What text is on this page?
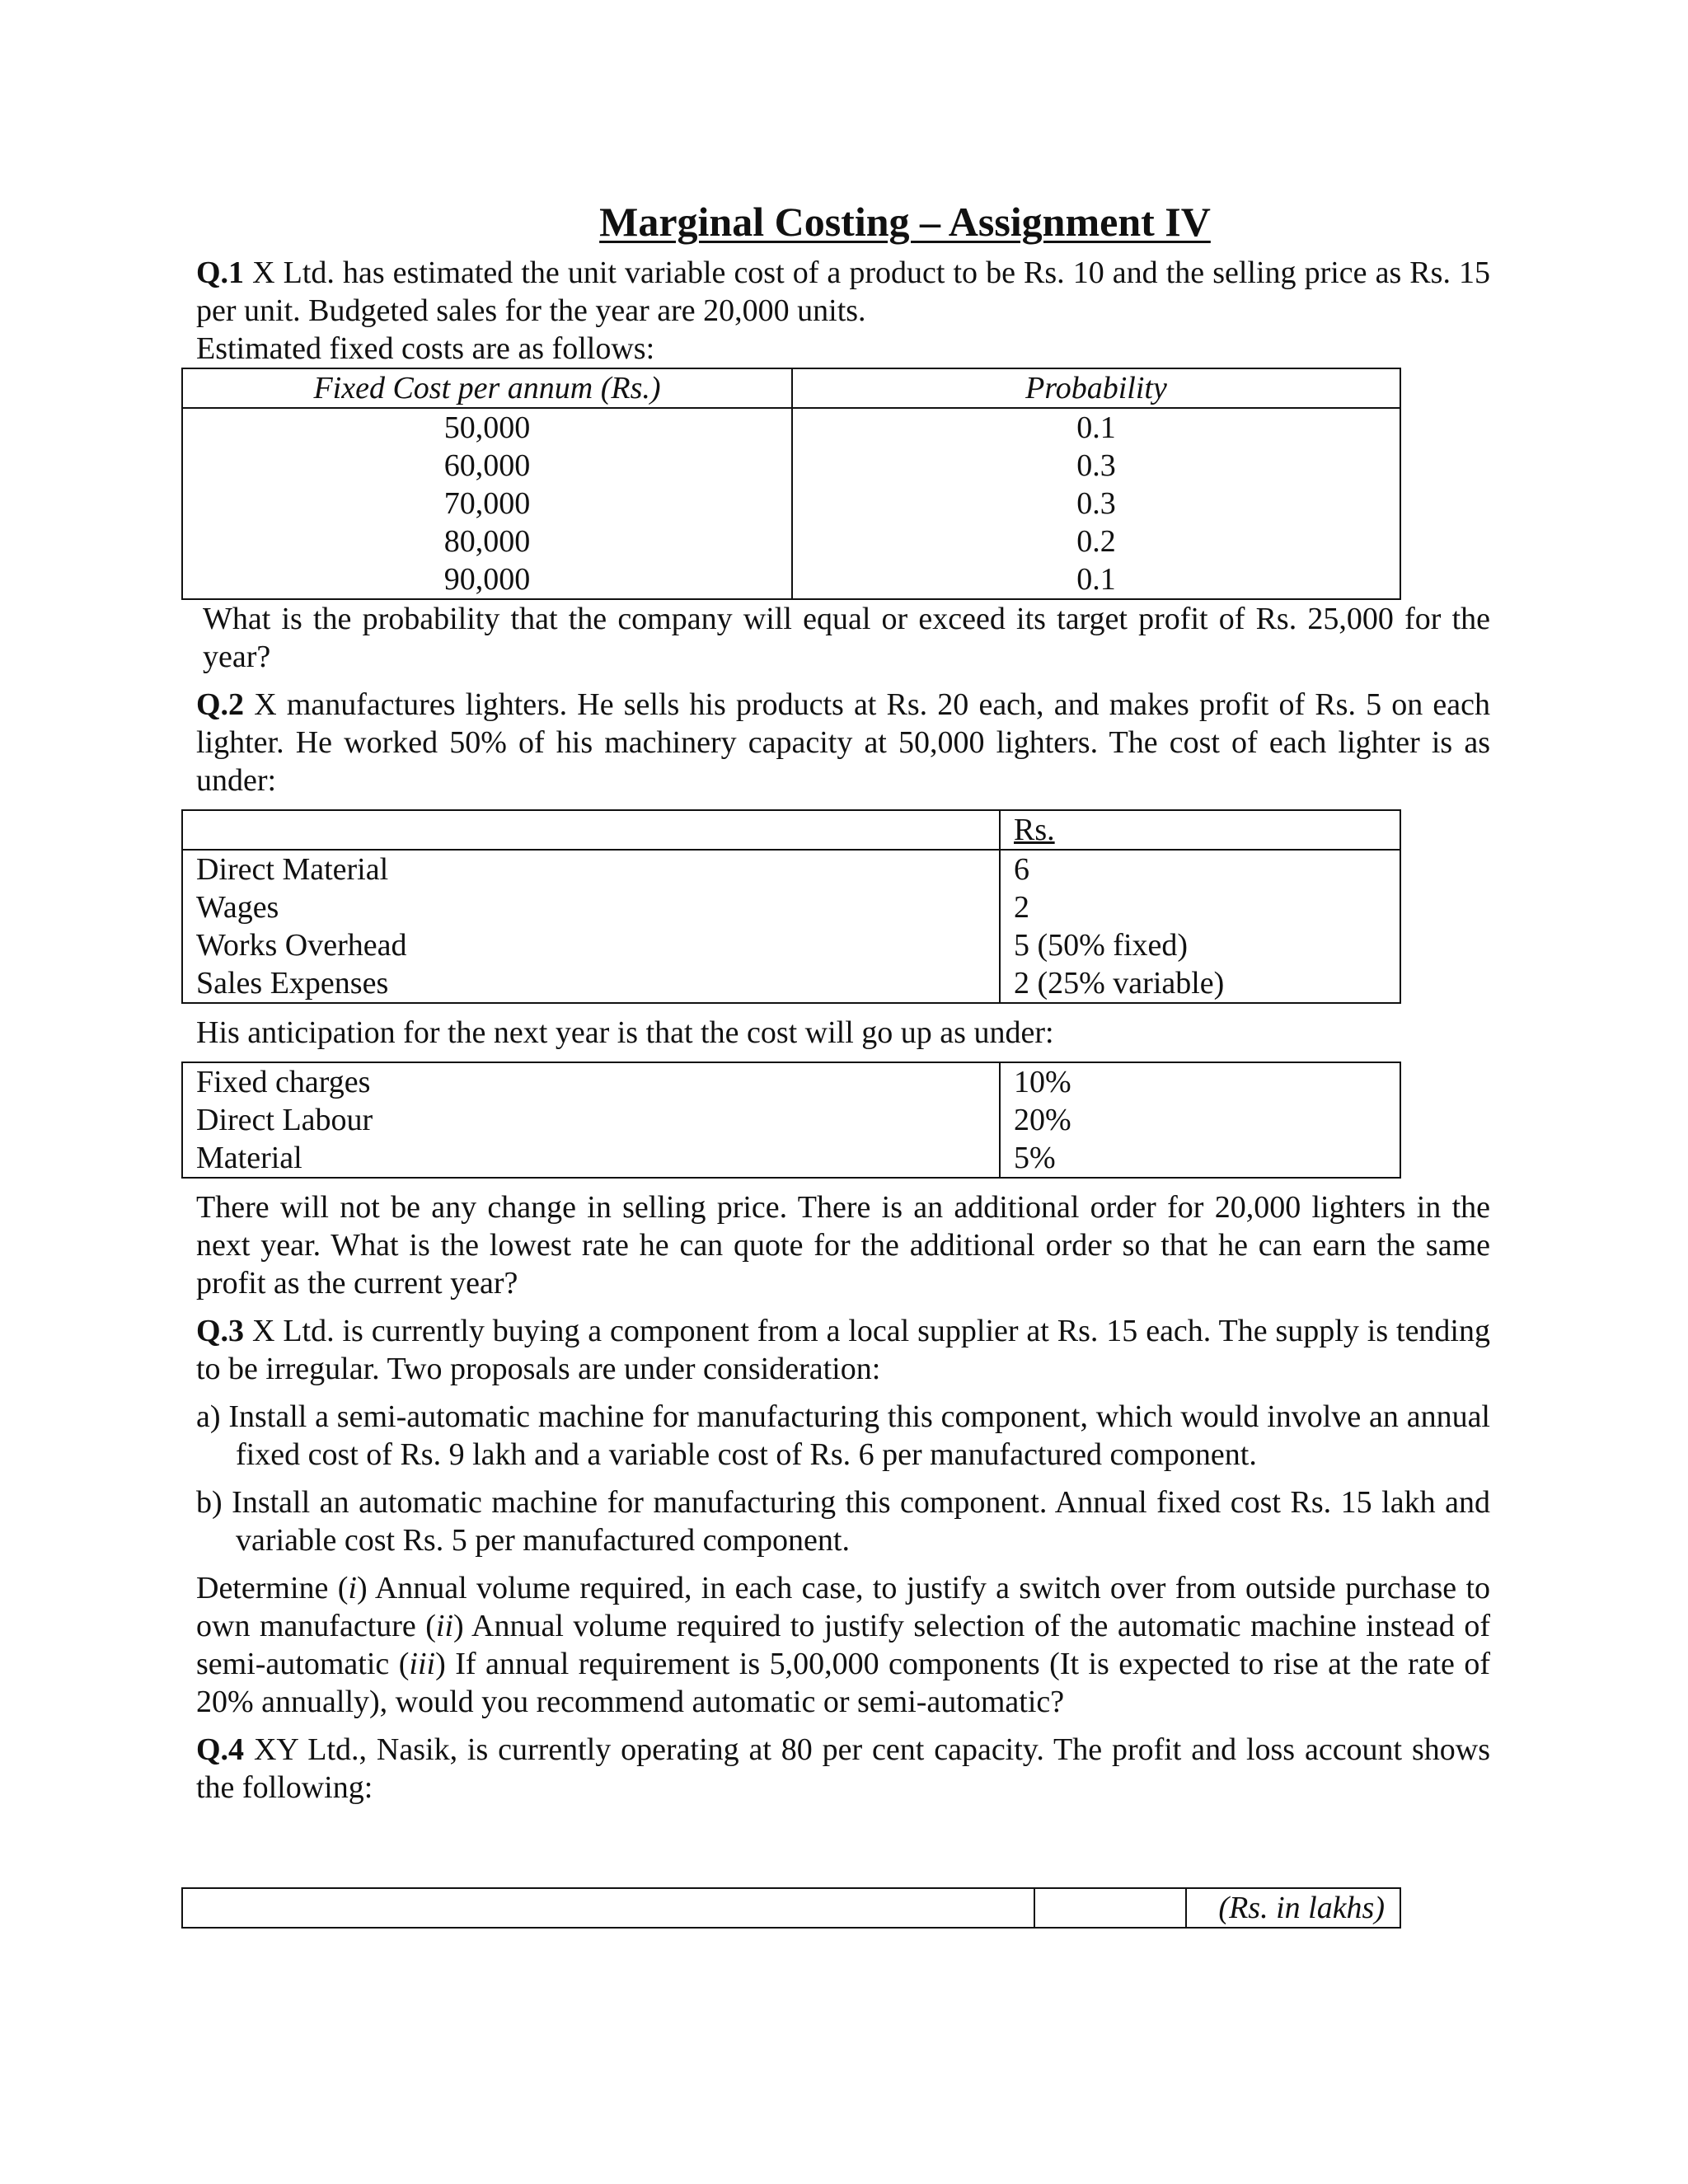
Marginal Costing – Assignment IV

Q.1 X Ltd. has estimated the unit variable cost of a product to be Rs. 10 and the selling price as Rs. 15 per unit. Budgeted sales for the year are 20,000 units.

Estimated fixed costs are as follows:

Fixed Cost per annum (Rs.)	Probability
50,000	0.1
60,000	0.3
70,000	0.3
80,000	0.2
90,000	0.1

What is the probability that the company will equal or exceed its target profit of Rs. 25,000 for the year?

Q.2 X manufactures lighters. He sells his products at Rs. 20 each, and makes profit of Rs. 5 on each lighter. He worked 50% of his machinery capacity at 50,000 lighters. The cost of each lighter is as under:

	Rs.
Direct Material	6
Wages	2
Works Overhead	5 (50% fixed)
Sales Expenses	2 (25% variable)

His anticipation for the next year is that the cost will go up as under:

Fixed charges	10%
Direct Labour	20%
Material	5%

There will not be any change in selling price. There is an additional order for 20,000 lighters in the next year. What is the lowest rate he can quote for the additional order so that he can earn the same profit as the current year?

Q.3 X Ltd. is currently buying a component from a local supplier at Rs. 15 each. The supply is tending to be irregular. Two proposals are under consideration:

a) Install a semi-automatic machine for manufacturing this component, which would involve an annual fixed cost of Rs. 9 lakh and a variable cost of Rs. 6 per manufactured component.

b) Install an automatic machine for manufacturing this component. Annual fixed cost Rs. 15 lakh and variable cost Rs. 5 per manufactured component.

Determine (i) Annual volume required, in each case, to justify a switch over from outside purchase to own manufacture (ii) Annual volume required to justify selection of the automatic machine instead of semi-automatic (iii) If annual requirement is 5,00,000 components (It is expected to rise at the rate of 20% annually), would you recommend automatic or semi-automatic?

Q.4 XY Ltd., Nasik, is currently operating at 80 per cent capacity. The profit and loss account shows the following:

		(Rs. in lakhs)
